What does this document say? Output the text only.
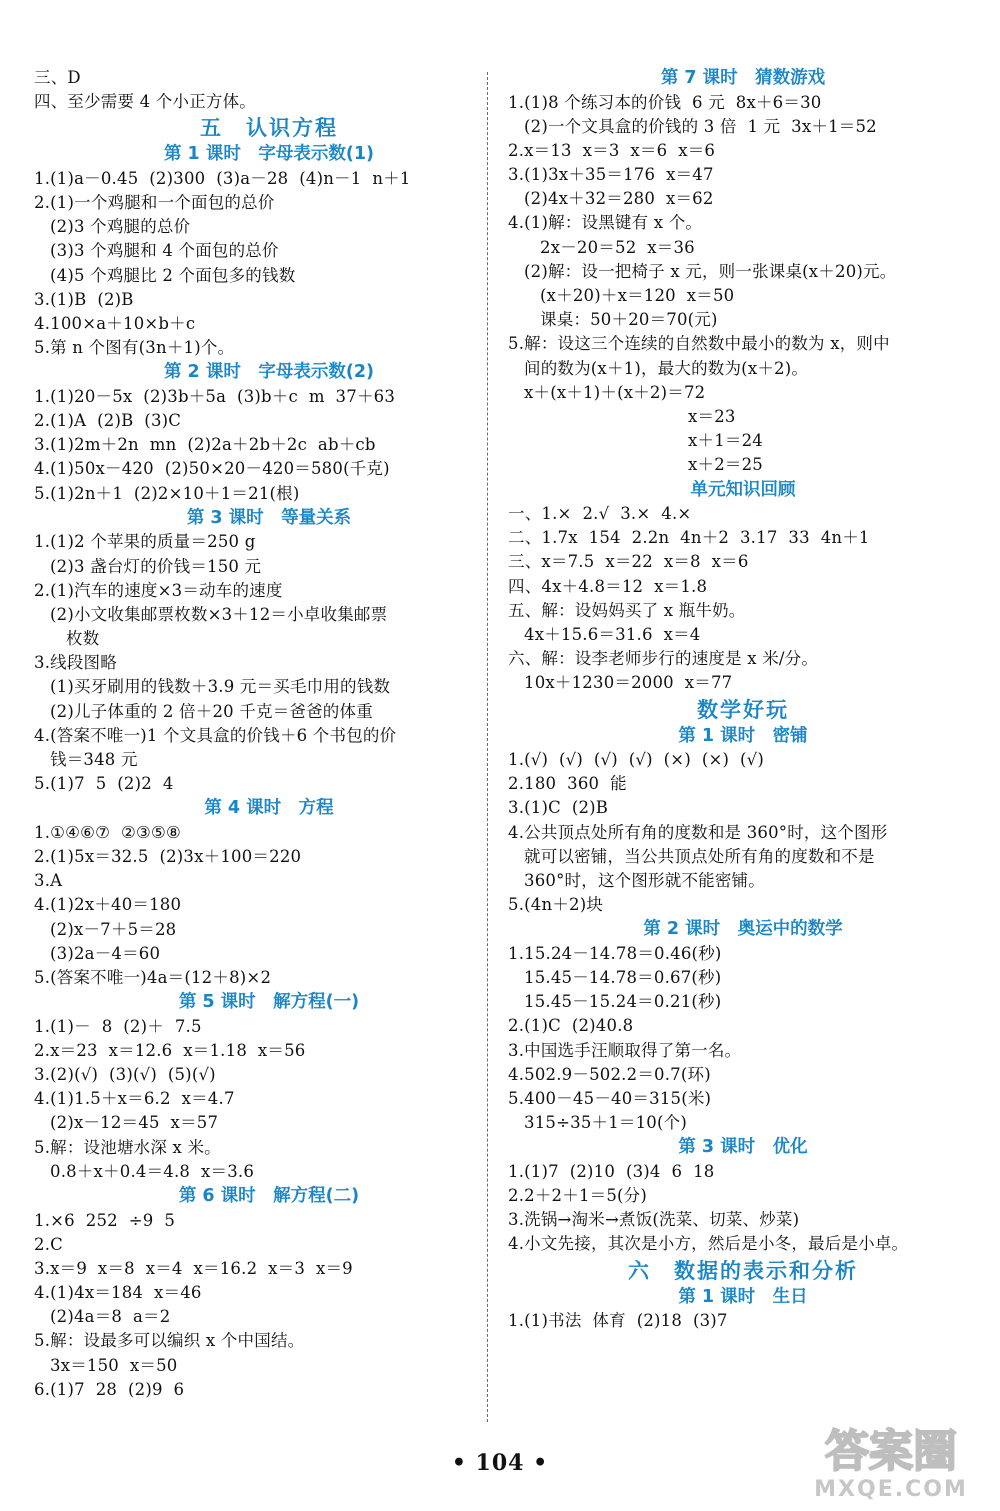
三、D
四、至少需要 4 个小正方体。
五　认识方程
第 1 课时　字母表示数(1)
1.(1)a－0.45  (2)300  (3)a－28  (4)n－1  n＋1
2.(1)一个鸡腿和一个面包的总价
(2)3 个鸡腿的总价
(3)3 个鸡腿和 4 个面包的总价
(4)5 个鸡腿比 2 个面包多的钱数
3.(1)B  (2)B
4.100×a＋10×b＋c
5.第 n 个图有(3n＋1)个。
第 2 课时　字母表示数(2)
1.(1)20－5x  (2)3b＋5a  (3)b＋c  m  37＋63
2.(1)A  (2)B  (3)C
3.(1)2m＋2n  mn  (2)2a＋2b＋2c  ab＋cb
4.(1)50x－420  (2)50×20－420＝580(千克)
5.(1)2n＋1  (2)2×10＋1＝21(根)
第 3 课时　等量关系
1.(1)2 个苹果的质量＝250 g
(2)3 盏台灯的价钱＝150 元
2.(1)汽车的速度×3＝动车的速度
(2)小文收集邮票枚数×3＋12＝小卓收集邮票
枚数
3.线段图略
(1)买牙刷用的钱数＋3.9 元＝买毛巾用的钱数
(2)儿子体重的 2 倍＋20 千克＝爸爸的体重
4.(答案不唯一)1 个文具盒的价钱＋6 个书包的价
钱＝348 元
5.(1)7  5  (2)2  4
第 4 课时　方程
1.①④⑥⑦  ②③⑤⑧
2.(1)5x＝32.5  (2)3x＋100＝220
3.A
4.(1)2x＋40＝180
(2)x－7＋5＝28
(3)2a－4＝60
5.(答案不唯一)4a＝(12＋8)×2
第 5 课时　解方程(一)
1.(1)－  8  (2)＋  7.5
2.x＝23  x＝12.6  x＝1.18  x＝56
3.(2)(√)  (3)(√)  (5)(√)
4.(1)1.5＋x＝6.2  x＝4.7
(2)x－12＝45  x＝57
5.解：设池塘水深 x 米。
0.8＋x＋0.4＝4.8  x＝3.6
第 6 课时　解方程(二)
1.×6  252  ÷9  5
2.C
3.x＝9  x＝8  x＝4  x＝16.2  x＝3  x＝9
4.(1)4x＝184  x＝46
(2)4a＝8  a＝2
5.解：设最多可以编织 x 个中国结。
3x＝150  x＝50
6.(1)7  28  (2)9  6
第 7 课时　猜数游戏
1.(1)8 个练习本的价钱  6 元  8x＋6＝30
(2)一个文具盒的价钱的 3 倍  1 元  3x＋1＝52
2.x＝13  x＝3  x＝6  x＝6
3.(1)3x＋35＝176  x＝47
(2)4x＋32＝280  x＝62
4.(1)解：设黑键有 x 个。
2x－20＝52  x＝36
(2)解：设一把椅子 x 元，则一张课桌(x＋20)元。
(x＋20)＋x＝120  x＝50
课桌：50＋20＝70(元)
5.解：设这三个连续的自然数中最小的数为 x，则中
间的数为(x＋1)，最大的数为(x＋2)。
x＋(x＋1)＋(x＋2)＝72
x＝23
x＋1＝24
x＋2＝25
单元知识回顾
一、1.×  2.√  3.×  4.×
二、1.7x  154  2.2n  4n＋2  3.17  33  4n＋1
三、x＝7.5  x＝22  x＝8  x＝6
四、4x＋4.8＝12  x＝1.8
五、解：设妈妈买了 x 瓶牛奶。
4x＋15.6＝31.6  x＝4
六、解：设李老师步行的速度是 x 米/分。
10x＋1230＝2000  x＝77
数学好玩
第 1 课时　密铺
1.(√)  (√)  (√)  (√)  (×)  (×)  (√)
2.180  360  能
3.(1)C  (2)B
4.公共顶点处所有角的度数和是 360°时，这个图形
就可以密铺，当公共顶点处所有角的度数和不是
360°时，这个图形就不能密铺。
5.(4n＋2)块
第 2 课时　奥运中的数学
1.15.24－14.78＝0.46(秒)
15.45－14.78＝0.67(秒)
15.45－15.24＝0.21(秒)
2.(1)C  (2)40.8
3.中国选手汪顺取得了第一名。
4.502.9－502.2＝0.7(环)
5.400－45－40＝315(米)
315÷35＋1＝10(个)
第 3 课时　优化
1.(1)7  (2)10  (3)4  6  18
2.2＋2＋1＝5(分)
3.洗锅→淘米→煮饭(洗菜、切菜、炒菜)
4.小文先接，其次是小方，然后是小冬，最后是小卓。
六　数据的表示和分析
第 1 课时　生日
1.(1)书法  体育  (2)18  (3)7
• 104 •	答案圈
MXQE.COM
